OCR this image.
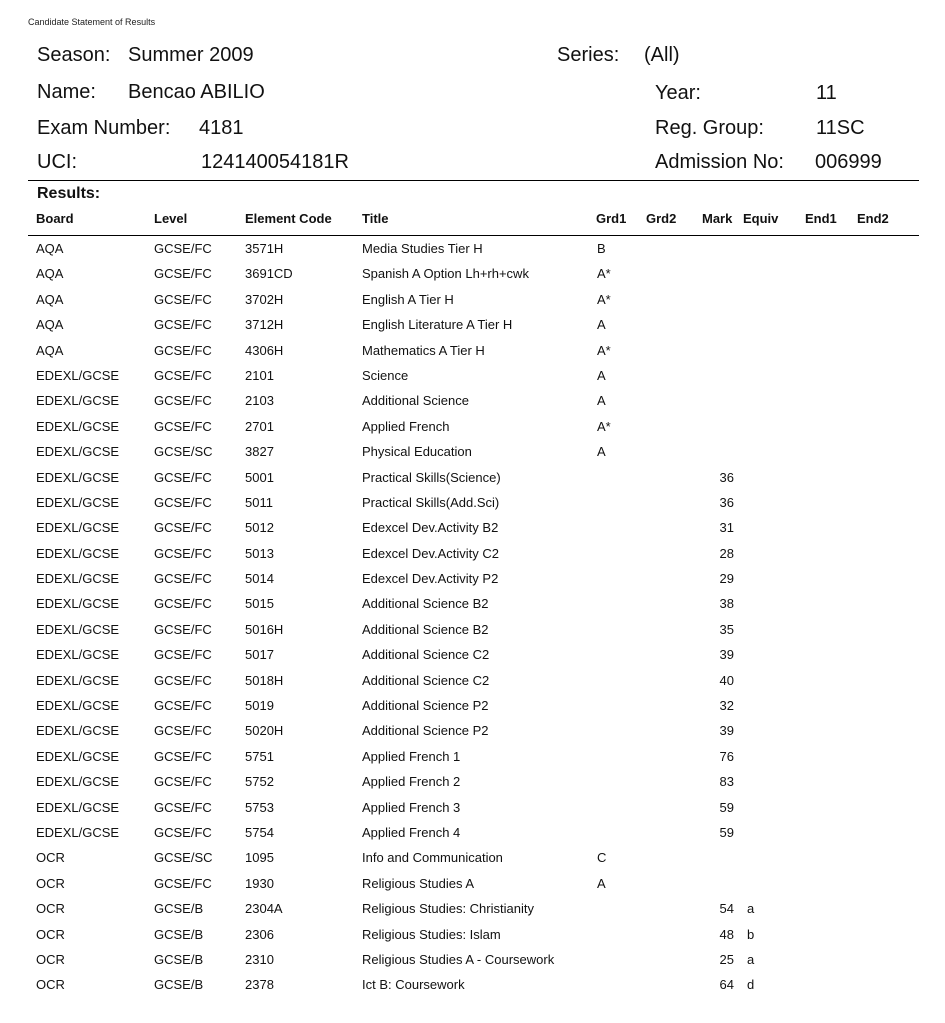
Candidate Statement of Results
Season: Summer 2009	Series: (All)
Name: Bencao ABILIO	Year:	11
Exam Number: 4181	Reg. Group:	11SC
UCI:	124140054181R	Admission No: 006999
Results:
Board	Level	Element Code Title	Grd1 Grd2 Mark Equiv End1 End2
AQA	GCSE/FC	3571H	Media Studies Tier H	B
AQA	GCSE/FC	3691CD	Spanish A Option Lh+rh+cwk	A*
AQA	GCSE/FC	3702H	English A Tier H	A*
AQA	GCSE/FC	3712H	English Literature A Tier H	A
AQA	GCSE/FC	4306H	Mathematics A Tier H	A*
EDEXL/GCSE	GCSE/FC	2101	Science	A
EDEXL/GCSE	GCSE/FC	2103	Additional Science	A
EDEXL/GCSE	GCSE/FC	2701	Applied French	A*
EDEXL/GCSE	GCSE/SC 3827	Physical Education	A
EDEXL/GCSE	GCSE/FC	5001	Practical Skills(Science)	36
EDEXL/GCSE	GCSE/FC	5011	Practical Skills(Add.Sci)	36
EDEXL/GCSE	GCSE/FC	5012	Edexcel Dev.Activity B2	31
EDEXL/GCSE	GCSE/FC	5013	Edexcel Dev.Activity C2	28
EDEXL/GCSE	GCSE/FC	5014	Edexcel Dev.Activity P2	29
EDEXL/GCSE	GCSE/FC	5015	Additional Science B2	38
EDEXL/GCSE	GCSE/FC	5016H	Additional Science B2	35
EDEXL/GCSE	GCSE/FC	5017	Additional Science C2	39
EDEXL/GCSE	GCSE/FC	5018H	Additional Science C2	40
EDEXL/GCSE	GCSE/FC	5019	Additional Science P2	32
EDEXL/GCSE	GCSE/FC	5020H	Additional Science P2	39
EDEXL/GCSE	GCSE/FC	5751	Applied French 1	76
EDEXL/GCSE	GCSE/FC	5752	Applied French 2	83
EDEXL/GCSE	GCSE/FC	5753	Applied French 3	59
EDEXL/GCSE	GCSE/FC	5754	Applied French 4	59
OCR	GCSE/SC 1095	Info and Communication	C
OCR	GCSE/FC	1930	Religious Studies A	A
OCR	GCSE/B	2304A	Religious Studies: Christianity	54 a
OCR	GCSE/B	2306	Religious Studies: Islam	48 b
OCR	GCSE/B	2310	Religious Studies A - Coursework	25 a
OCR	GCSE/B	2378	Ict B: Coursework	64 d
